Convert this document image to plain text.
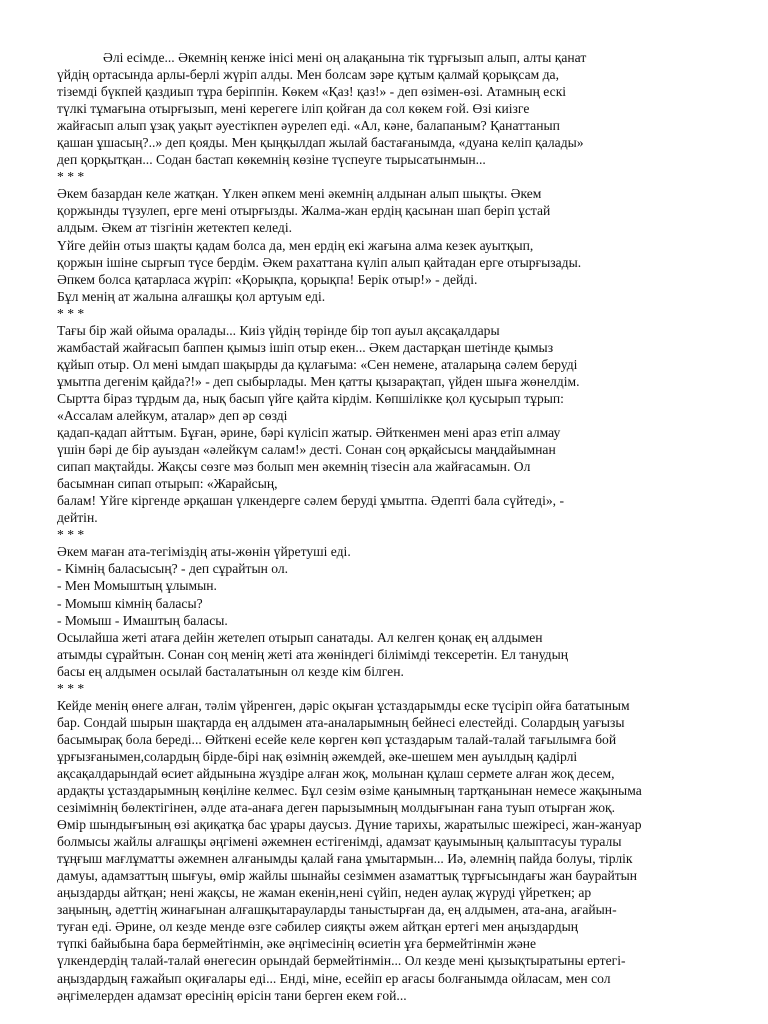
Әлі есімде... Әкемнің кенже інісі мені оң алақанына тік тұрғызып алып, алты қанат
үйдің ортасында арлы-берлі жүріп алды. Мен болсам зәре құтым қалмай қорықсам да,
тіземді бүкпей қаздиып тұра беріппін. Көкем «Қаз! қаз!» - деп өзімен-өзі. Атамның ескі
түлкі тұмағына отырғызып, мені керегеге іліп қойған да сол көкем ғой. Өзі киізге
жайғасып алып ұзақ уақыт әуестікпен әурелеп еді. «Ал, кәне, балапаным? Қанаттанып
қашан ұшасың?..» деп қояды. Мен қыңқылдап жылай бастағанымда, «дуана келіп қалады»
деп қорқытқан... Содан бастап көкемнің көзіне түспеуге тырысатынмын...
* * *
Әкем базардан келе жатқан. Үлкен әпкем мені әкемнің алдынан алып шықты. Әкем
қоржынды түзулеп, ерге мені отырғызды. Жалма-жан ердің қасынан шап беріп ұстай
алдым. Әкем ат тізгінін жетектеп келеді.
Үйге дейін отыз шақты қадам болса да, мен ердің екі жағына алма кезек ауытқып,
қоржын ішіне сырғып түсе бердім. Әкем рахаттана күліп алып қайтадан ерге отырғызады.
Әпкем болса қатарласа жүріп: «Қорықпа, қорықпа! Берік отыр!» - дейді.
Бұл менің ат жалына алғашқы қол артуым еді.
* * *
Тағы бір жай ойыма оралады... Киіз үйдің төрінде бір топ ауыл ақсақалдары
жамбастай жайғасып баппен қымыз ішіп отыр екен... Әкем дастарқан шетінде қымыз
құйып отыр. Ол мені ымдап шақырды да құлағыма: «Сен немене, аталарыңа сәлем беруді
ұмытпа дегенім қайда?!» - деп сыбырлады. Мен қатты қызарақтап, үйден шыға жөнелдім.
Сыртта біраз тұрдым да, нық басып үйге қайта кірдім. Көпшілікке қол қусырып тұрып:
«Ассалам алейкум, аталар» деп әр сөзді
қадап-қадап айттым. Бұған, әрине, бәрі күлісіп жатыр. Әйткенмен мені араз етіп алмау
үшін бәрі де бір ауыздан «әлейкүм салам!» десті. Сонан соң әрқайсысы маңдайымнан
сипап мақтайды. Жақсы сөзге мәз болып мен әкемнің тізесін ала жайғасамын. Ол
басымнан сипап отырып: «Жарайсың,
балам! Үйге кіргенде әрқашан үлкендерге сәлем беруді ұмытпа. Әдепті бала сүйтеді», -
дейтін.
* * *
Әкем маған ата-тегіміздің аты-жөнін үйретуші еді.
- Кімнің баласысың? - деп сұрайтын ол.
- Мен Момыштың ұлымын.
- Момыш кімнің баласы?
- Момыш - Имаштың баласы.
Осылайша жеті атаға дейін жетелеп отырып санатады. Ал келген қонақ ең алдымен
атымды сұрайтын. Сонан соң менің жеті ата жөніндегі білімімді тексеретін. Ел танудың
басы ең алдымен осылай басталатынын ол кезде кім білген.
* * *
Кейде менің өнеге алған, тәлім үйренген, дәріс оқыған ұстаздарымды еске түсіріп ойға бататыным
бар. Сондай шырын шақтарда ең алдымен ата-аналарымның бейнесі елестейді. Солардың уағызы
басымырақ бола береді... Өйткені есейе келе көрген көп ұстаздарым талай-талай тағылымға бой
ұрғызғанымен,солардың бірде-бірі нақ өзімнің әжемдей, әке-шешем мен ауылдың қадірлі
ақсақалдарындай өсиет айдынына жүздіре алған жоқ, молынан құлаш сермете алған жоқ десем,
ардақты ұстаздарымның көңіліне келмес. Бұл сезім өзіме қанымның тартқанынан немесе жақыныма
сезімімнің бөлектігінен, әлде ата-анаға деген парызымның молдығынан ғана туып отырған жоқ.
Өмір шындығының өзі ақиқатқа бас ұрары даусыз. Дүние тарихы, жаратылыс шежіресі, жан-жануар
болмысы жайлы алғашқы әңгімені әжемнен естігенімді, адамзат қауымының қалыптасуы туралы
тұңғыш мағлұматты әжемнен алғанымды қалай ғана ұмытармын... Иә, әлемнің пайда болуы, тірлік
дамуы, адамзаттың шығуы, өмір жайлы шынайы сезіммен азаматтық тұрғысындағы жан баурайтын
аңыздарды айтқан; нені жақсы, не жаман екенін,нені сүйіп, неден аулақ жүруді үйреткен; ар
заңының, әдеттің жинағынан алғашқытарауларды таныстырған да, ең алдымен, ата-ана, ағайын-
туған еді. Әрине, ол кезде менде өзге сәбилер сияқты әжем айтқан ертегі мен аңыздардың
түпкі байыбына бара бермейтінмін, әке әңгімесінің өсиетін ұға бермейтінмін және
үлкендердің талай-талай өнегесин орындай бермейтінмін... Ол кезде мені қызықтыратыны ертегі-
аңыздардың ғажайып оқиғалары еді... Енді, міне, есейіп ер ағасы болғанымда ойласам, мен сол
әңгімелерден адамзат өресінің өрісін тани берген екем ғой...
